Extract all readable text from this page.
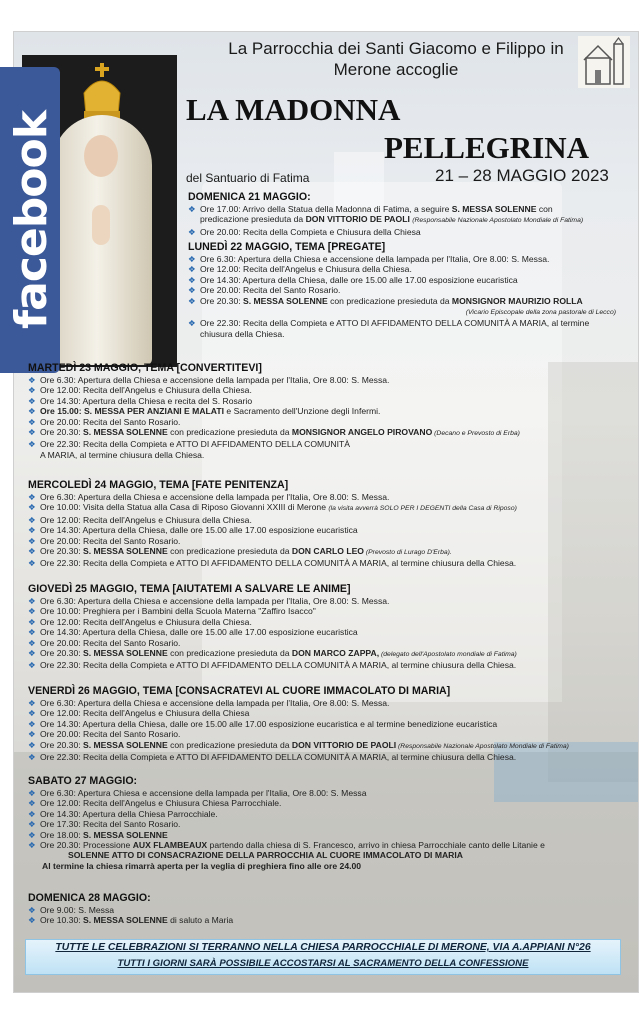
facebook
La Parrocchia dei Santi Giacomo e Filippo in
Merone accoglie
LA MADONNA
PELLEGRINA
del Santuario di Fatima	21 – 28 MAGGIO 2023
DOMENICA 21 MAGGIO:
❖ Ore 17.00: Arrivo della Statua della Madonna di Fatima, a seguire S. MESSA SOLENNE con
predicazione presieduta da DON VITTORIO DE PAOLI (Responsabile Nazionale Apostolato Mondiale di Fatima)
❖ Ore 20.00: Recita della Compieta e Chiusura della Chiesa
LUNEDÌ 22 MAGGIO, TEMA [PREGATE]
❖ Ore 6.30: Apertura della Chiesa e accensione della lampada per l'Italia, Ore 8.00: S. Messa.
❖ Ore 12.00: Recita dell'Angelus e Chiusura della Chiesa.
❖ Ore 14.30: Apertura della Chiesa, dalle ore 15.00 alle 17.00 esposizione eucaristica
❖ Ore 20.00: Recita del Santo Rosario.
❖ Ore 20.30: S. MESSA SOLENNE con predicazione presieduta da MONSIGNOR MAURIZIO ROLLA
(Vicario Episcopale della zona pastorale di Lecco)
❖ Ore 22.30: Recita della Compieta e ATTO DI AFFIDAMENTO DELLA COMUNITÀ A MARIA, al termine
chiusura della Chiesa.
MARTEDÌ 23 MAGGIO, TEMA [CONVERTITEVI]
❖ Ore 6.30: Apertura della Chiesa e accensione della lampada per l'Italia, Ore 8.00: S. Messa.
❖ Ore 12.00: Recita dell'Angelus e Chiusura della Chiesa.
❖ Ore 14.30: Apertura della Chiesa e recita del S. Rosario
❖ Ore 15.00: S. MESSA PER ANZIANI E MALATI e Sacramento dell'Unzione degli Infermi.
❖ Ore 20.00: Recita del Santo Rosario.
❖ Ore 20.30: S. MESSA SOLENNE con predicazione presieduta da MONSIGNOR ANGELO PIROVANO (Decano e Prevosto di Erba)
❖ Ore 22.30: Recita della Compieta e ATTO DI AFFIDAMENTO DELLA COMUNITÀ
A MARIA, al termine chiusura della Chiesa.
MERCOLEDÌ 24 MAGGIO, TEMA [FATE PENITENZA]
❖ Ore 6.30: Apertura della Chiesa e accensione della lampada per l'Italia, Ore 8.00: S. Messa.
❖ Ore 10.00: Visita della Statua alla Casa di Riposo Giovanni XXIII di Merone (la visita avverrà SOLO PER I DEGENTI della Casa di Riposo)
❖ Ore 12.00: Recita dell'Angelus e Chiusura della Chiesa.
❖ Ore 14.30: Apertura della Chiesa, dalle ore 15.00 alle 17.00 esposizione eucaristica
❖ Ore 20.00: Recita del Santo Rosario.
❖ Ore 20.30: S. MESSA SOLENNE con predicazione presieduta da DON CARLO LEO (Prevosto di Lurago D'Erba).
❖ Ore 22.30: Recita della Compieta e ATTO DI AFFIDAMENTO DELLA COMUNITÀ A MARIA, al termine chiusura della Chiesa.
GIOVEDÌ 25 MAGGIO, TEMA [AIUTATEMI A SALVARE LE ANIME]
❖ Ore 6.30: Apertura della Chiesa e accensione della lampada per l'Italia, Ore 8.00: S. Messa.
❖ Ore 10.00: Preghiera per i Bambini della Scuola Materna "Zaffiro Isacco"
❖ Ore 12.00: Recita dell'Angelus e Chiusura della Chiesa.
❖ Ore 14.30: Apertura della Chiesa, dalle ore 15.00 alle 17.00 esposizione eucaristica
❖ Ore 20.00: Recita del Santo Rosario.
❖ Ore 20.30: S. MESSA SOLENNE con predicazione presieduta da DON MARCO ZAPPA, (delegato dell'Apostolato mondiale di Fatima)
❖ Ore 22.30: Recita della Compieta e ATTO DI AFFIDAMENTO DELLA COMUNITÀ A MARIA, al termine chiusura della Chiesa.
VENERDÌ 26 MAGGIO, TEMA [CONSACRATEVI AL CUORE IMMACOLATO DI MARIA]
❖ Ore 6.30: Apertura della Chiesa e accensione della lampada per l'Italia, Ore 8.00: S. Messa.
❖ Ore 12.00: Recita dell'Angelus e Chiusura della Chiesa
❖ Ore 14.30: Apertura della Chiesa, dalle ore 15.00 alle 17.00 esposizione eucaristica e al termine benedizione eucaristica
❖ Ore 20.00: Recita del Santo Rosario.
❖ Ore 20.30: S. MESSA SOLENNE con predicazione presieduta da DON VITTORIO DE PAOLI (Responsabile Nazionale Apostolato Mondiale di Fatima)
❖ Ore 22.30: Recita della Compieta e ATTO DI AFFIDAMENTO DELLA COMUNITÀ A MARIA, al termine chiusura della Chiesa.
SABATO 27 MAGGIO:
❖ Ore 6.30: Apertura Chiesa e accensione della lampada per l'Italia, Ore 8.00: S. Messa
❖ Ore 12.00: Recita dell'Angelus e Chiusura Chiesa Parrocchiale.
❖ Ore 14.30: Apertura della Chiesa Parrocchiale.
❖ Ore 17.30: Recita del Santo Rosario.
❖ Ore 18.00: S. MESSA SOLENNE
❖ Ore 20.30: Processione AUX FLAMBEAUX partendo dalla chiesa di S. Francesco, arrivo in chiesa Parrocchiale canto delle Litanie e
SOLENNE ATTO DI CONSACRAZIONE DELLA PARROCCHIA AL CUORE IMMACOLATO DI MARIA
Al termine la chiesa rimarrà aperta per la veglia di preghiera fino alle ore 24.00
DOMENICA 28 MAGGIO:
❖ Ore 9.00: S. Messa
❖ Ore 10.30: S. MESSA SOLENNE di saluto a Maria
TUTTE LE CELEBRAZIONI SI TERRANNO NELLA CHIESA PARROCCHIALE DI MERONE, VIA A.APPIANI N°26
TUTTI I GIORNI SARÀ POSSIBILE ACCOSTARSI AL SACRAMENTO DELLA CONFESSIONE
